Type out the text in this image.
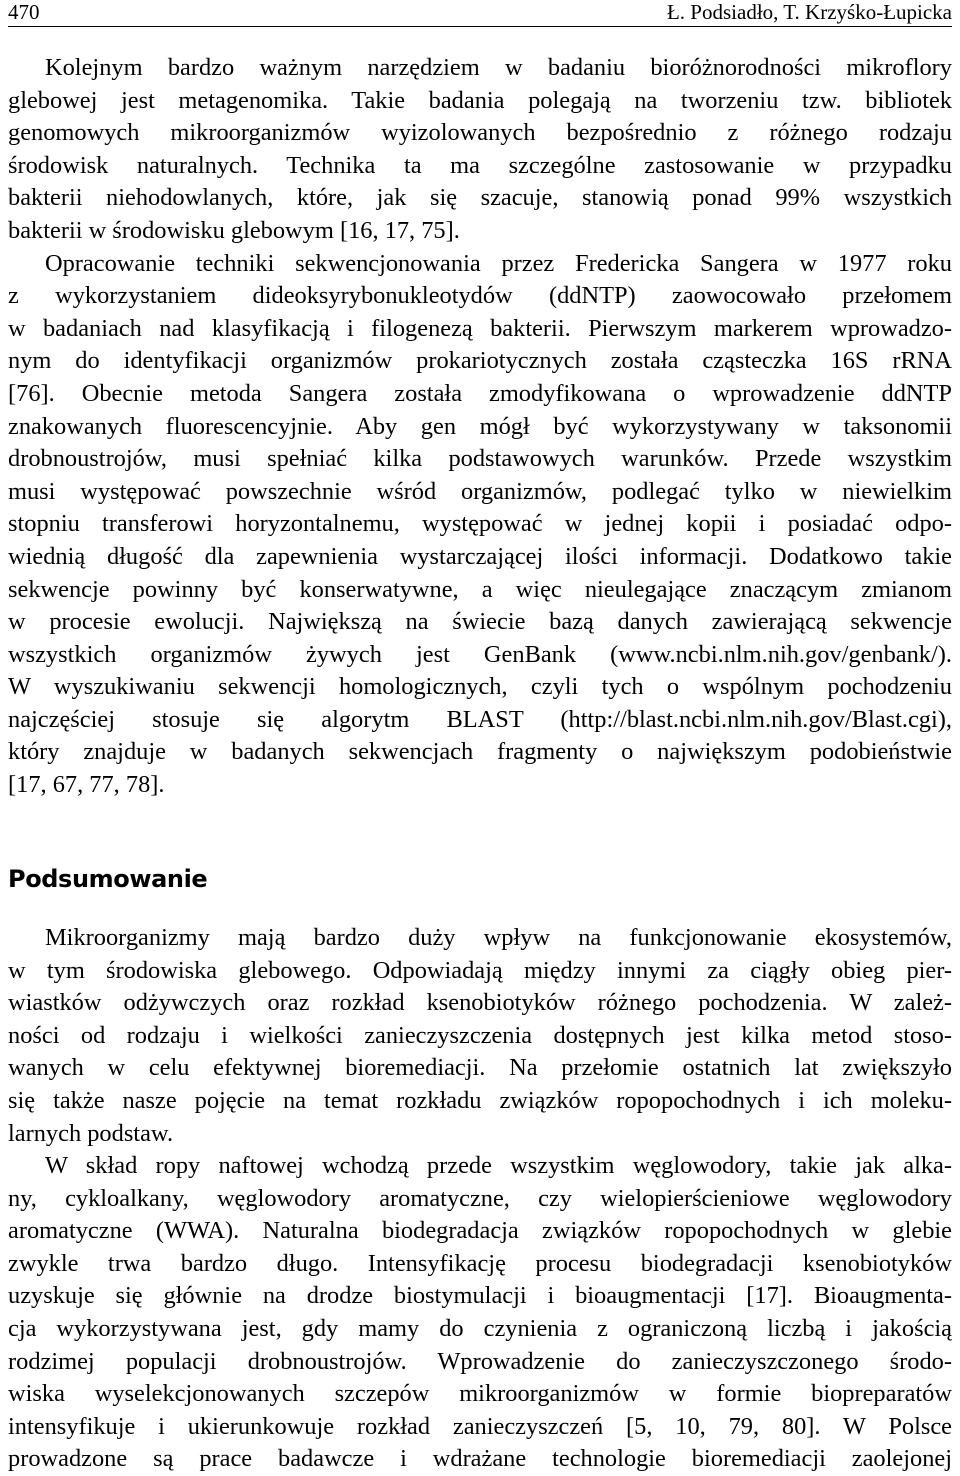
470	Ł. Podsiadło, T. Krzyśko-Łupicka
Kolejnym bardzo ważnym narzędziem w badaniu bioróżnorodności mikroflory
glebowej jest metagenomika. Takie badania polegają na tworzeniu tzw. bibliotek
genomowych mikroorganizmów wyizolowanych bezpośrednio z różnego rodzaju
środowisk naturalnych. Technika ta ma szczególne zastosowanie w przypadku
bakterii niehodowlanych, które, jak się szacuje, stanowią ponad 99% wszystkich
bakterii w środowisku glebowym [16, 17, 75].
Opracowanie techniki sekwencjonowania przez Fredericka Sangera w 1977 roku
z wykorzystaniem dideoksyrybonukleotydów (ddNTP) zaowocowało przełomem
w badaniach nad klasyfikacją i filogenezą bakterii. Pierwszym markerem wprowadzo-
nym do identyfikacji organizmów prokariotycznych została cząsteczka 16S rRNA
[76]. Obecnie metoda Sangera została zmodyfikowana o wprowadzenie ddNTP
znakowanych fluorescencyjnie. Aby gen mógł być wykorzystywany w taksonomii
drobnoustrojów, musi spełniać kilka podstawowych warunków. Przede wszystkim
musi występować powszechnie wśród organizmów, podlegać tylko w niewielkim
stopniu transferowi horyzontalnemu, występować w jednej kopii i posiadać odpo-
wiednią długość dla zapewnienia wystarczającej ilości informacji. Dodatkowo takie
sekwencje powinny być konserwatywne, a więc nieulegające znaczącym zmianom
w procesie ewolucji. Największą na świecie bazą danych zawierającą sekwencje
wszystkich organizmów żywych jest GenBank (www.ncbi.nlm.nih.gov/genbank/).
W wyszukiwaniu sekwencji homologicznych, czyli tych o wspólnym pochodzeniu
najczęściej stosuje się algorytm BLAST (http://blast.ncbi.nlm.nih.gov/Blast.cgi),
który znajduje w badanych sekwencjach fragmenty o największym podobieństwie
[17, 67, 77, 78].
Podsumowanie
Mikroorganizmy mają bardzo duży wpływ na funkcjonowanie ekosystemów,
w tym środowiska glebowego. Odpowiadają między innymi za ciągły obieg pier-
wiastków odżywczych oraz rozkład ksenobiotyków różnego pochodzenia. W zależ-
ności od rodzaju i wielkości zanieczyszczenia dostępnych jest kilka metod stoso-
wanych w celu efektywnej bioremediacji. Na przełomie ostatnich lat zwiększyło
się także nasze pojęcie na temat rozkładu związków ropopochodnych i ich moleku-
larnych podstaw.
W skład ropy naftowej wchodzą przede wszystkim węglowodory, takie jak alka-
ny, cykloalkany, węglowodory aromatyczne, czy wielopierścieniowe węglowodory
aromatyczne (WWA). Naturalna biodegradacja związków ropopochodnych w glebie
zwykle trwa bardzo długo. Intensyfikację procesu biodegradacji ksenobiotyków
uzyskuje się głównie na drodze biostymulacji i bioaugmentacji [17]. Bioaugmenta-
cja wykorzystywana jest, gdy mamy do czynienia z ograniczoną liczbą i jakością
rodzimej populacji drobnoustrojów. Wprowadzenie do zanieczyszczonego środo-
wiska wyselekcjonowanych szczepów mikroorganizmów w formie biopreparatów
intensyfikuje i ukierunkowuje rozkład zanieczyszczeń [5, 10, 79, 80]. W Polsce
prowadzone są prace badawcze i wdrażane technologie bioremediacji zaolejonej
